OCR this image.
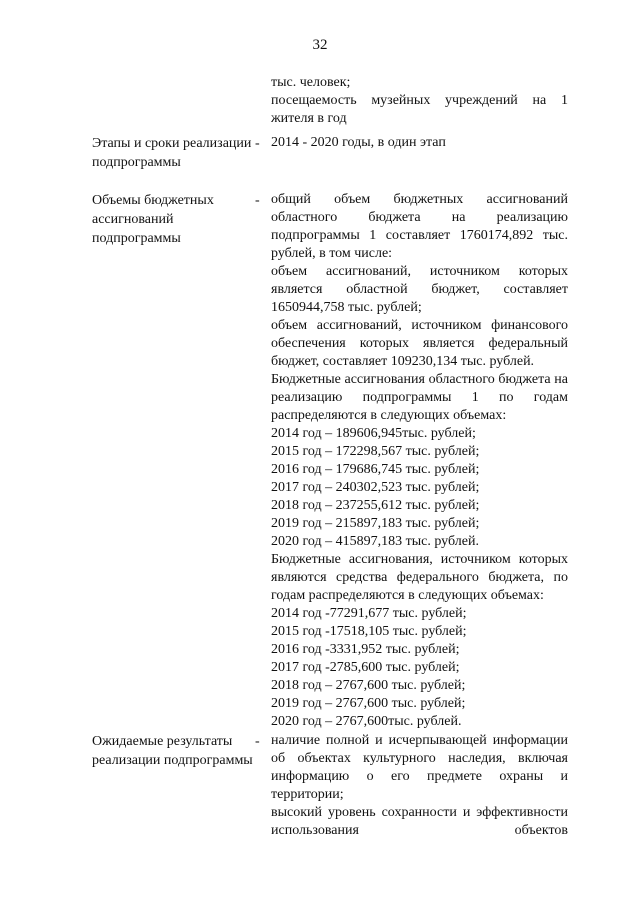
32

тыс. человек;

посещаемость музейных учреждений на 1 жителя в год

Этапы и сроки реализации подпрограммы
- 2014 - 2020 годы, в один этап

Объемы бюджетных ассигнований подпрограммы
- общий объем бюджетных ассигнований областного бюджета на реализацию подпрограммы 1 составляет 1760174,892 тыс. рублей, в том числе:

объем ассигнований, источником которых является областной бюджет, составляет 1650944,758 тыс. рублей;

объем ассигнований, источником финансового обеспечения которых является федеральный бюджет, составляет 109230,134 тыс. рублей.

Бюджетные ассигнования областного бюджета на реализацию подпрограммы 1 по годам распределяются в следующих объемах:

2014 год – 189606,945тыс. рублей;
2015 год – 172298,567 тыс. рублей;
2016 год – 179686,745 тыс. рублей;
2017 год – 240302,523 тыс. рублей;
2018 год – 237255,612 тыс. рублей;
2019 год – 215897,183 тыс. рублей;
2020 год – 415897,183 тыс. рублей.

Бюджетные ассигнования, источником которых являются средства федерального бюджета, по годам распределяются в следующих объемах:

2014 год -77291,677 тыс. рублей;
2015 год -17518,105 тыс. рублей;
2016 год -3331,952 тыс. рублей;
2017 год -2785,600 тыс. рублей;
2018 год – 2767,600 тыс. рублей;
2019 год – 2767,600 тыс. рублей;
2020 год – 2767,600тыс. рублей.
Ожидаемые результаты реализации подпрограммы
- наличие полной и исчерпывающей информации об объектах культурного наследия, включая информацию о его предмете охраны и территории;

высокий уровень сохранности и эффективности использования объектов
